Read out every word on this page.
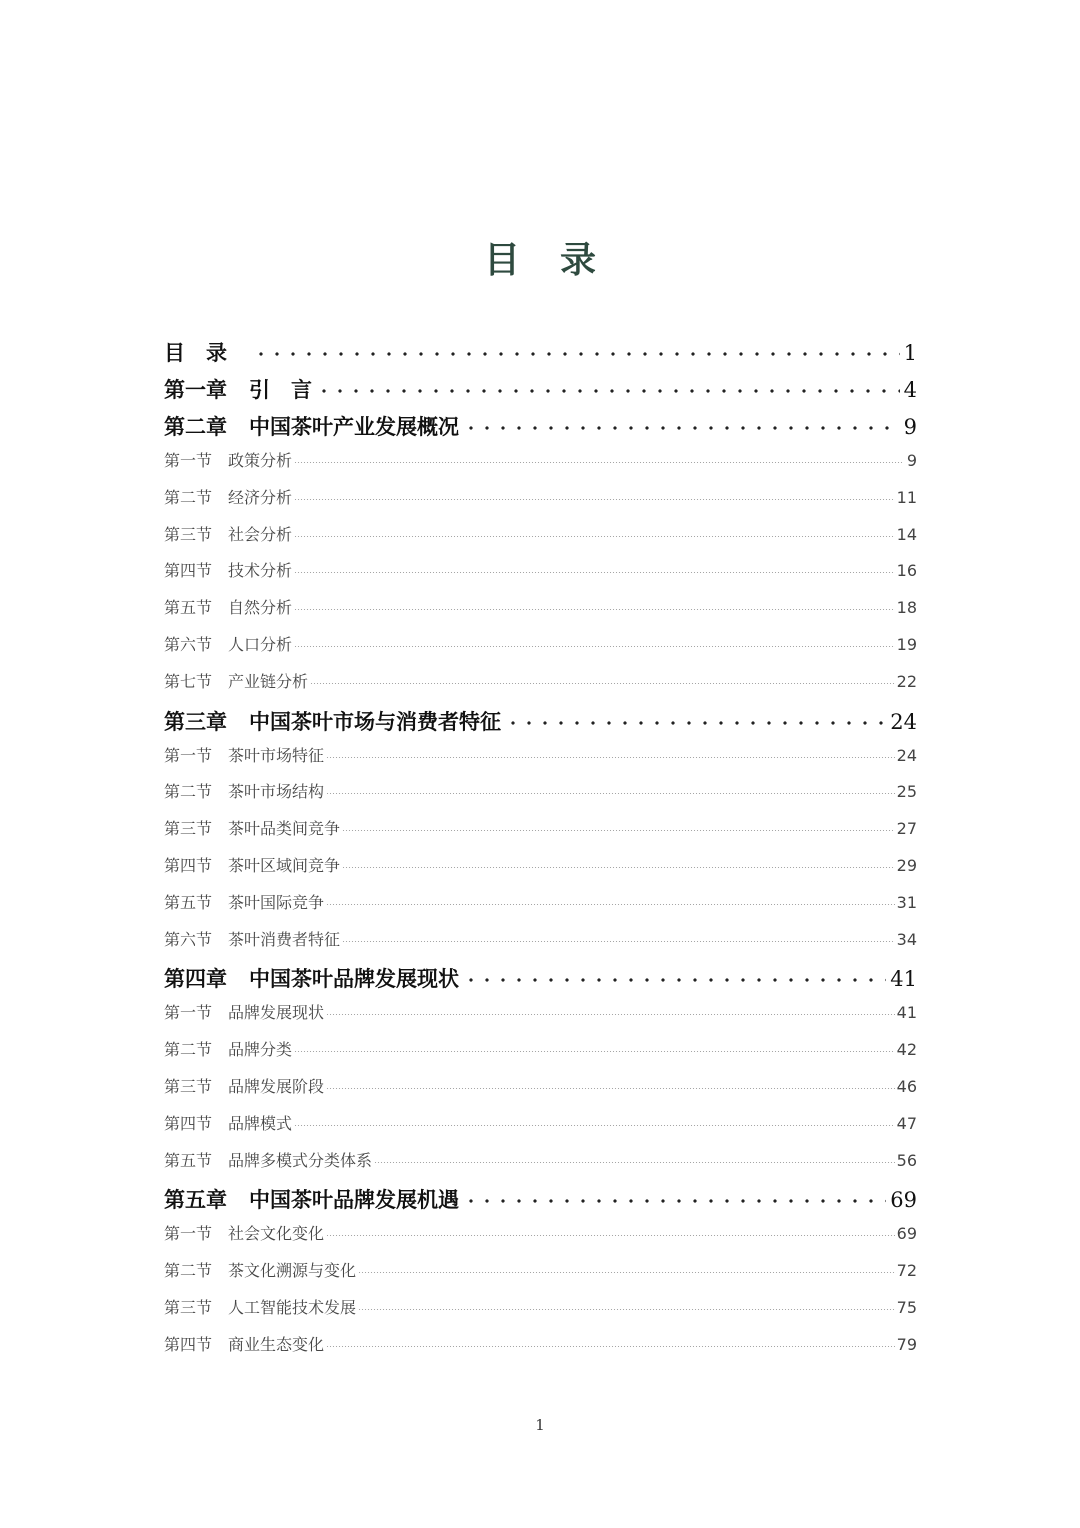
目录
目　录	1
第一章 引　言	4
第二章 中国茶叶产业发展概况	9
第一节 政策分析	9
第二节 经济分析	11
第三节 社会分析	14
第四节 技术分析	16
第五节 自然分析	18
第六节 人口分析	19
第七节 产业链分析	22
第三章 中国茶叶市场与消费者特征	24
第一节 茶叶市场特征	24
第二节 茶叶市场结构	25
第三节 茶叶品类间竞争	27
第四节 茶叶区域间竞争	29
第五节 茶叶国际竞争	31
第六节 茶叶消费者特征	34
第四章 中国茶叶品牌发展现状	41
第一节 品牌发展现状	41
第二节 品牌分类	42
第三节 品牌发展阶段	46
第四节 品牌模式	47
第五节 品牌多模式分类体系	56
第五章 中国茶叶品牌发展机遇	69
第一节 社会文化变化	69
第二节 茶文化溯源与变化	72
第三节 人工智能技术发展	75
第四节 商业生态变化	79
1
